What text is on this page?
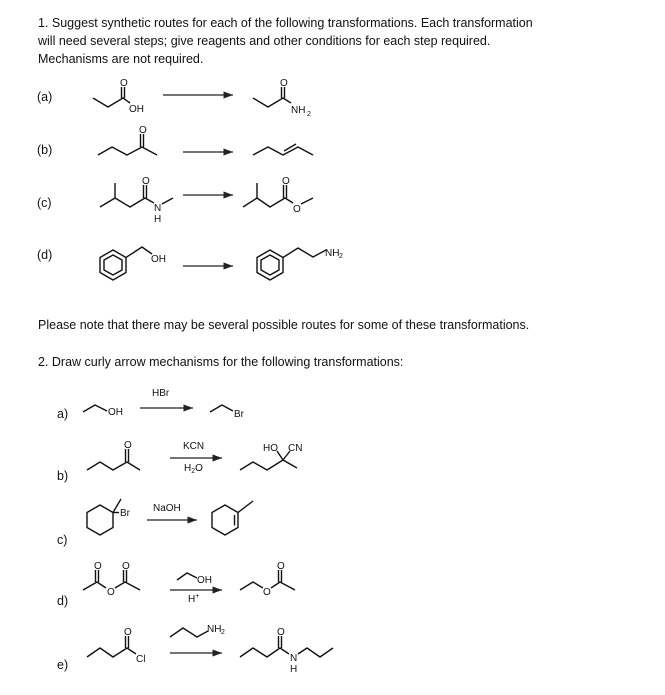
1. Suggest synthetic routes for each of the following transformations. Each transformation

will need several steps; give reagents and other conditions for each step required.

Mechanisms are not required.

Please note that there may be several possible routes for some of these transformations.

2. Draw curly arrow mechanisms for the following transformations:

(a)
O
OH
O
NH 2
(b)
O
(c)
O
N
H
O
O
(d)	OH
NH 2
a)	OH
HBr
Br
b)
O	KCN
$H_2O$
HO CN
c)
Br NaOH
d)
O
O
O
OH
H+	O
O
e)
O
Cl
NH 2	O
N
H
